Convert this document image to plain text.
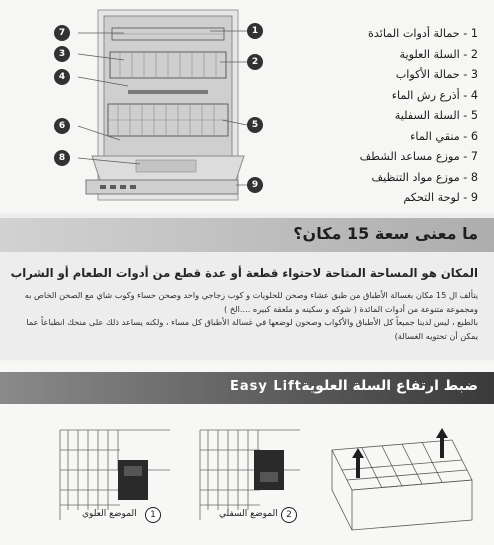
7
3
4
6
8
1
2
5
9
1 - حمالة أدوات المائدة
2 - السلة العلوية
3 - حمالة الأكواب
4 - أذرع رش الماء
5 - السلة السفلية
6 - منقي الماء
7 - موزع مساعد الشطف
8 - موزع مواد التنظيف
9 - لوحة التحكم
ما معنى سعة 15 مكان؟
المكان هو المساحة المتاحة لاحتواء قطعة أو عدة قطع من أدوات الطعام أو الشراب
يتألف ال 15 مكان بغسالة الأطباق من طبق عشاء وصحن للحلويات و كوب زجاجي واحد وصحن حساء وكوب شاي مع الصحن الخاص به ومجموعة متنوعة من أدوات المائدة ( شوكه و سكينه و ملعقة كبيره ....الخ )
بالطبع ، ليس لدينا جميعاً كل الأطباق والأكواب وصحون لوضعها في غسالة الأطباق كل مساء ، ولكنه يساعد ذلك على منحك انطباعاً عما يمكن أن تحتويه الغسالة)
ضبط ارتفاع السلة العلوية
Easy Lift
الموضع العلوي	1	الموضع السفلي 2
